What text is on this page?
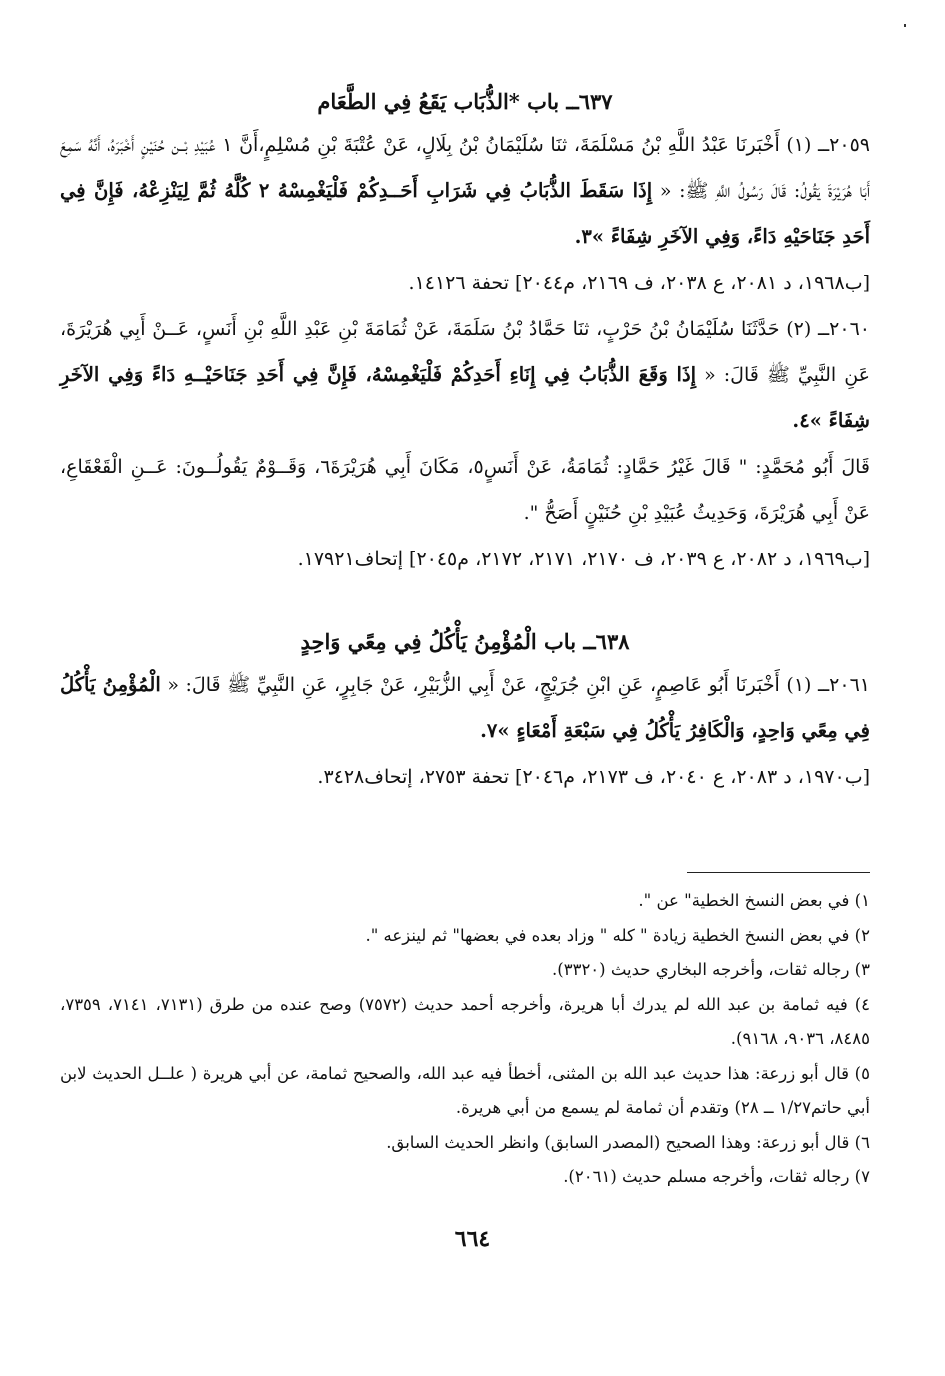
٦٣٧ــ باب *الذُّبَاب يَقَعُ فِي الطَّعَام

٢٠٥٩ــ (١) أَخْبَرنَا عَبْدُ اللَّهِ بْنُ مَسْلَمَةَ، ثنَا سُلَيْمَانُ بْنُ بِلَالٍ، عَنْ عُتْبَةَ بْنِ مُسْلِمٍ،أَنَّ ١ عُبَيْدِ بْــن حُنَيْنٍ أَخْبَرَهُ، أَنَّهُ سَمِعَ أَبَا هُرَيْرَةَ يَقُولُ: قَالَ رَسُولُ اللَّهِ ﷺ: « إِذَا سَقَطَ الذُّبَابُ فِي شَرَابِ أَحَــدِكُمْ فَلْيَغْمِسْهُ ٢ كُلَّهُ ثُمَّ لِيَنْزِعْهُ، فَإِنَّ فِي أَحَدِ جَنَاحَيْهِ دَاءً، وَفِي الآخَرِ شِفَاءً »٣.

[ب١٩٦٨، د ٢٠٨١، ع ٢٠٣٨، ف ٢١٦٩، م٢٠٤٤] تحفة ١٤١٢٦.

٢٠٦٠ــ (٢) حَدَّثَنَا سُلَيْمَانُ بْنُ حَرْبٍ، ثنَا حَمَّادُ بْنُ سَلَمَةَ، عَنْ ثُمَامَةَ بْنِ عَبْدِ اللَّهِ بْنِ أَنَسٍ، عَــنْ أَبِي هُرَيْرَةَ، عَنِ النَّبِيِّ ﷺ قَالَ: « إِذَا وَقَعَ الذُّبَابُ فِي إِنَاءِ أَحَدِكُمْ فَلْيَغْمِسْهُ، فَإِنَّ فِي أَحَدِ جَنَاحَيْــهِ دَاءً وَفِي الآخَرِ شِفَاءً »٤.

قَالَ أَبُو مُحَمَّدٍ: " قَالَ غَيْرُ حَمَّادٍ: ثُمَامَةُ، عَنْ أَنَسٍ٥، مَكَانَ أَبِي هُرَيْرَةَ٦، وَقَــوْمٌ يَقُولُــونَ: عَــنِ الْقَعْقَاعِ، عَنْ أَبِي هُرَيْرَةَ، وَحَدِيثُ عُبَيْدِ بْنِ حُنَيْنٍ أَصَحُّ ".

[ب١٩٦٩، د ٢٠٨٢، ع ٢٠٣٩، ف ٢١٧٠، ٢١٧١، ٢١٧٢، م٢٠٤٥] إتحاف١٧٩٢١.

٦٣٨ــ باب الْمُؤْمِنُ يَأْكُلُ فِي مِعًي وَاحِدٍ

٢٠٦١ــ (١) أَخْبَرنَا أَبُو عَاصِمٍ، عَنِ ابْنِ جُرَيْجٍ، عَنْ أَبِي الزُّبَيْرِ، عَنْ جَابِرٍ، عَنِ النَّبِيِّ ﷺ قَالَ: « الْمُؤْمِنُ يَأْكُلُ فِي مِعًي وَاحِدٍ، وَالْكَافِرُ يَأْكُلُ فِي سَبْعَةِ أَمْعَاءٍ »٧.

[ب١٩٧٠، د ٢٠٨٣، ع ٢٠٤٠، ف ٢١٧٣، م٢٠٤٦] تحفة ٢٧٥٣، إتحاف٣٤٢٨.

١) في بعض النسخ الخطية" عن ".

٢) في بعض النسخ الخطية زيادة " كله " وزاد بعده في بعضها" ثم لينزعه ".

٣) رجاله ثقات، وأخرجه البخاري حديث (٣٣٢٠).

٤) فيه ثمامة بن عبد الله لم يدرك أبا هريرة، وأخرجه أحمد حديث (٧٥٧٢) وصح عنده من طرق (٧١٣١، ٧١٤١، ٧٣٥٩، ٨٤٨٥، ٩٠٣٦، ٩١٦٨).

٥) قال أبو زرعة: هذا حديث عبد الله بن المثنى، أخطأ فيه عبد الله، والصحيح ثمامة، عن أبي هريرة ( علــل الحديث لابن أبي حاتم١/٢٧ ــ ٢٨) وتقدم أن ثمامة لم يسمع من أبي هريرة.

٦) قال أبو زرعة: وهذا الصحيح (المصدر السابق) وانظر الحديث السابق.

٧) رجاله ثقات، وأخرجه مسلم حديث (٢٠٦١).

٦٦٤
